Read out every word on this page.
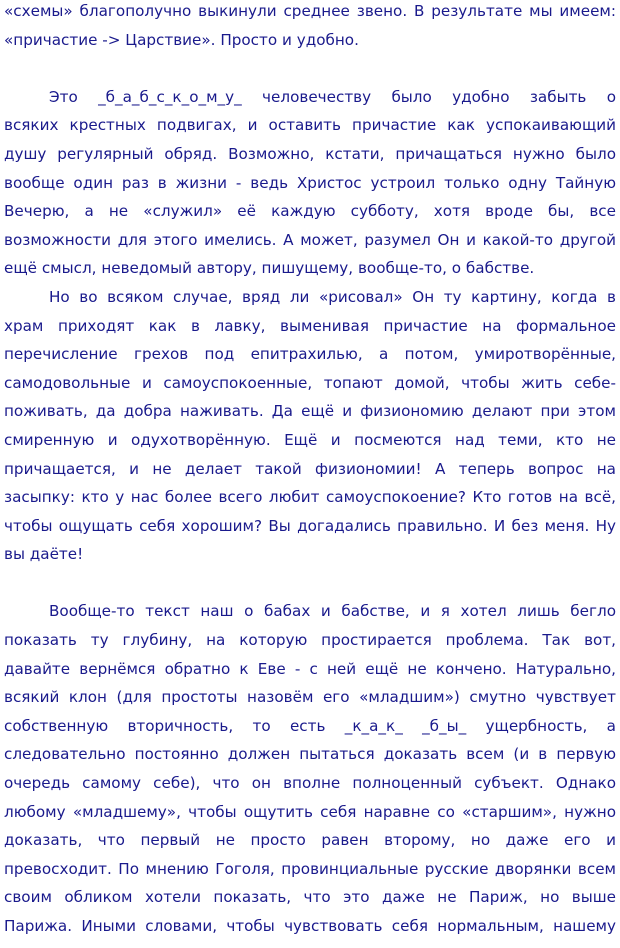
«схемы» благополучно выкинули среднее звено. В результате мы имеем:
«причастие -> Царствие». Просто и удобно.
Это _б_а_б_с_к_о_м_у_ человечеству было удобно забыть о
всяких крестных подвигах, и оставить причастие как успокаивающий
душу регулярный обряд. Возможно, кстати, причащаться нужно было
вообще один раз в жизни - ведь Христос устроил только одну Тайную
Вечерю, а не «служил» её каждую субботу, хотя вроде бы, все
возможности для этого имелись. А может, разумел Он и какой-то другой
ещё смысл, неведомый автору, пишущему, вообще-то, о бабстве.
Но во всяком случае, вряд ли «рисовал» Он ту картину, когда в
храм приходят как в лавку, выменивая причастие на формальное
перечисление грехов под епитрахилью, а потом, умиротворённые,
самодовольные и самоуспокоенные, топают домой, чтобы жить себе-
поживать, да добра наживать. Да ещё и физиономию делают при этом
смиренную и одухотворённую. Ещё и посмеются над теми, кто не
причащается, и не делает такой физиономии! А теперь вопрос на
засыпку: кто у нас более всего любит самоуспокоение? Кто готов на всё,
чтобы ощущать себя хорошим? Вы догадались правильно. И без меня. Ну
вы даёте!
Вообще-то текст наш о бабах и бабстве, и я хотел лишь бегло
показать ту глубину, на которую простирается проблема. Так вот,
давайте вернёмся обратно к Еве - с ней ещё не кончено. Натурально,
всякий клон (для простоты назовём его «младшим») смутно чувствует
собственную вторичность, то есть _к_а_к_ _б_ы_ ущербность, а
следовательно постоянно должен пытаться доказать всем (и в первую
очередь самому себе), что он вполне полноценный субъект. Однако
любому «младшему», чтобы ощутить себя наравне со «старшим», нужно
доказать, что первый не просто равен второму, но даже его и
превосходит. По мнению Гоголя, провинциальные русские дворянки всем
своим обликом хотели показать, что это даже не Париж, но выше
Парижа. Иными словами, чтобы чувствовать себя нормальным, нашему
